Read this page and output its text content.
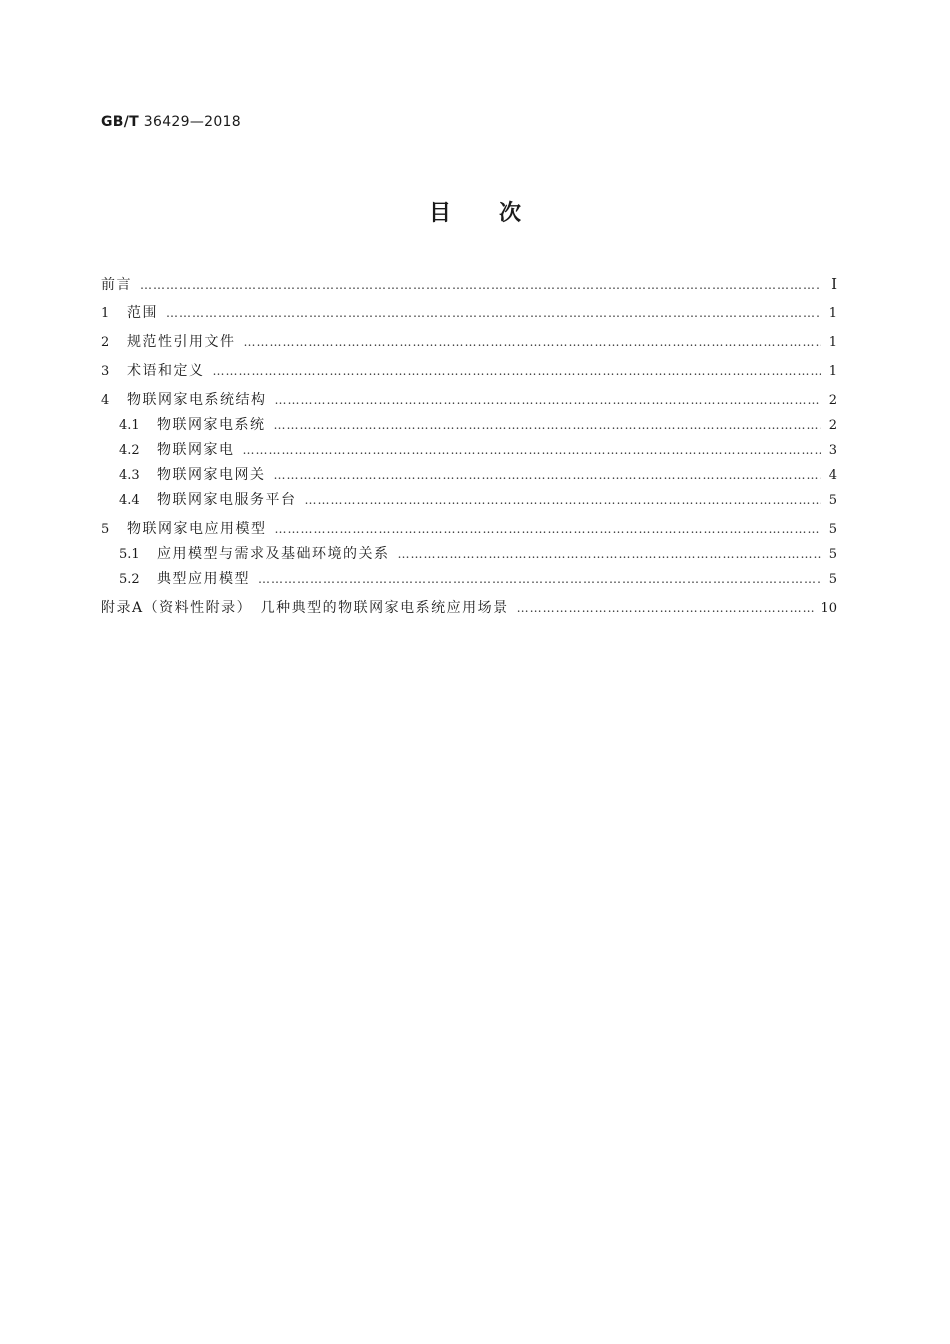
GB/T 36429—2018
目次
前言 ………………………………………………………………………………………………………………………………………………………………………………………………………………………………………………	I
1	范围 ………………………………………………………………………………………………………………………………………………………………………………………………………………………………………………	1
2	规范性引用文件 ………………………………………………………………………………………………………………………………………………………………………………………………………………………………………………	1
3	术语和定义 ………………………………………………………………………………………………………………………………………………………………………………………………………………………………………………	1
4	物联网家电系统结构 ………………………………………………………………………………………………………………………………………………………………………………………………………………………………………………	2
4.1	物联网家电系统 ………………………………………………………………………………………………………………………………………………………………………………………………………………………………………………	2
4.2	物联网家电 ………………………………………………………………………………………………………………………………………………………………………………………………………………………………………………	3
4.3	物联网家电网关 ………………………………………………………………………………………………………………………………………………………………………………………………………………………………………………	4
4.4	物联网家电服务平台 ………………………………………………………………………………………………………………………………………………………………………………………………………………………………………………	5
5	物联网家电应用模型 ………………………………………………………………………………………………………………………………………………………………………………………………………………………………………………	5
5.1	应用模型与需求及基础环境的关系 ………………………………………………………………………………………………………………………………………………………………………………………………………………………………………………	5
5.2	典型应用模型 ………………………………………………………………………………………………………………………………………………………………………………………………………………………………………………	5
附录A（资料性附录）　几种典型的物联网家电系统应用场景 ………………………………………………………………………………………………………………………………………………………………………………………………………………………………………………	10
